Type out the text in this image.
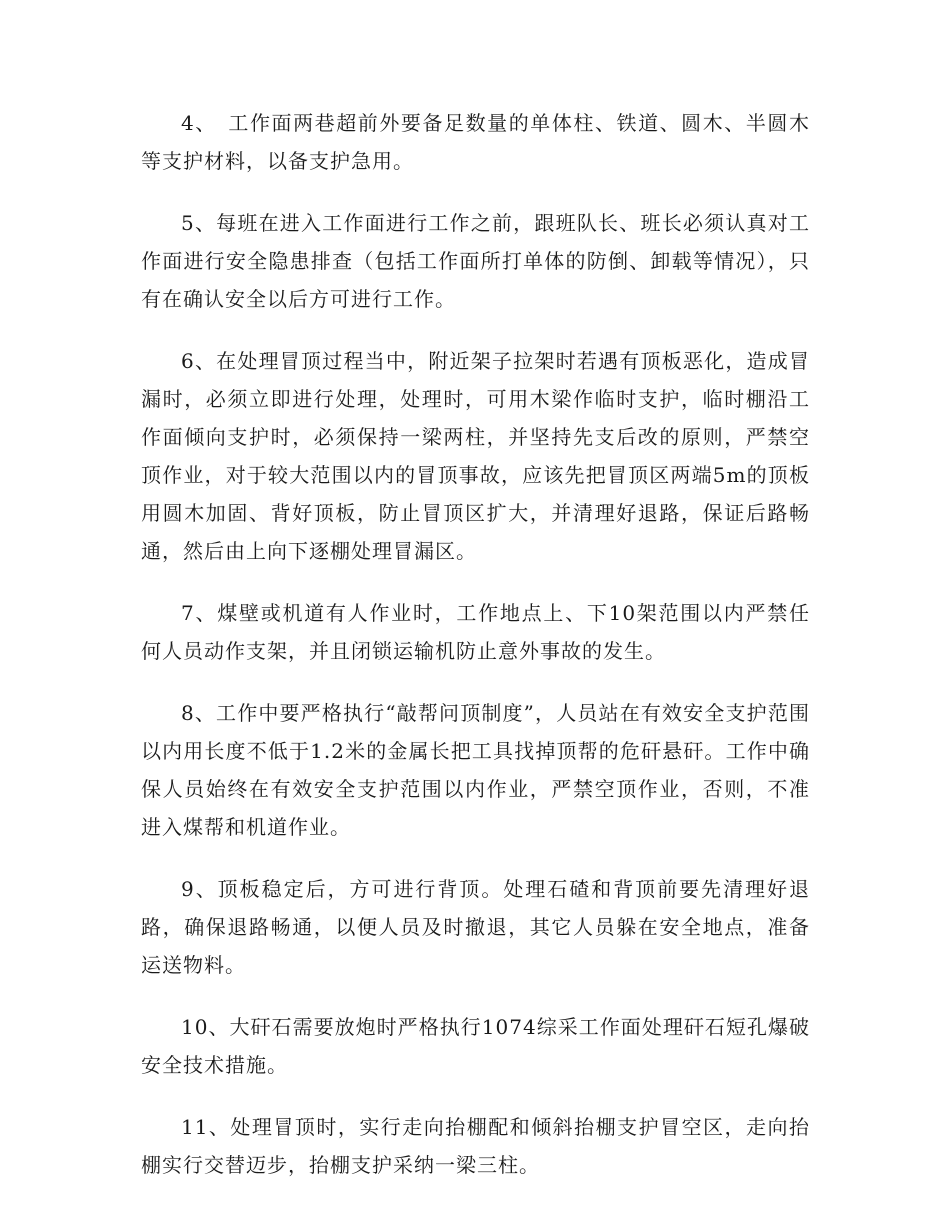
4、　工作面两巷超前外要备足数量的单体柱、铁道、圆木、半圆木等支护材料，以备支护急用。

5、每班在进入工作面进行工作之前，跟班队长、班长必须认真对工作面进行安全隐患排查（包括工作面所打单体的防倒、卸载等情况），只有在确认安全以后方可进行工作。

6、在处理冒顶过程当中，附近架子拉架时若遇有顶板恶化，造成冒漏时，必须立即进行处理，处理时，可用木梁作临时支护，临时棚沿工作面倾向支护时，必须保持一梁两柱，并坚持先支后改的原则，严禁空顶作业，对于较大范围以内的冒顶事故，应该先把冒顶区两端5m的顶板用圆木加固、背好顶板，防止冒顶区扩大，并清理好退路，保证后路畅通，然后由上向下逐棚处理冒漏区。

7、煤壁或机道有人作业时，工作地点上、下10架范围以内严禁任何人员动作支架，并且闭锁运输机防止意外事故的发生。

8、工作中要严格执行“敲帮问顶制度”，人员站在有效安全支护范围以内用长度不低于1.2米的金属长把工具找掉顶帮的危矸悬矸。工作中确保人员始终在有效安全支护范围以内作业，严禁空顶作业，否则，不准进入煤帮和机道作业。

9、顶板稳定后，方可进行背顶。处理石碴和背顶前要先清理好退路，确保退路畅通，以便人员及时撤退，其它人员躲在安全地点，准备运送物料。

10、大矸石需要放炮时严格执行1074综采工作面处理矸石短孔爆破安全技术措施。

11、处理冒顶时，实行走向抬棚配和倾斜抬棚支护冒空区，走向抬棚实行交替迈步，抬棚支护采纳一梁三柱。
